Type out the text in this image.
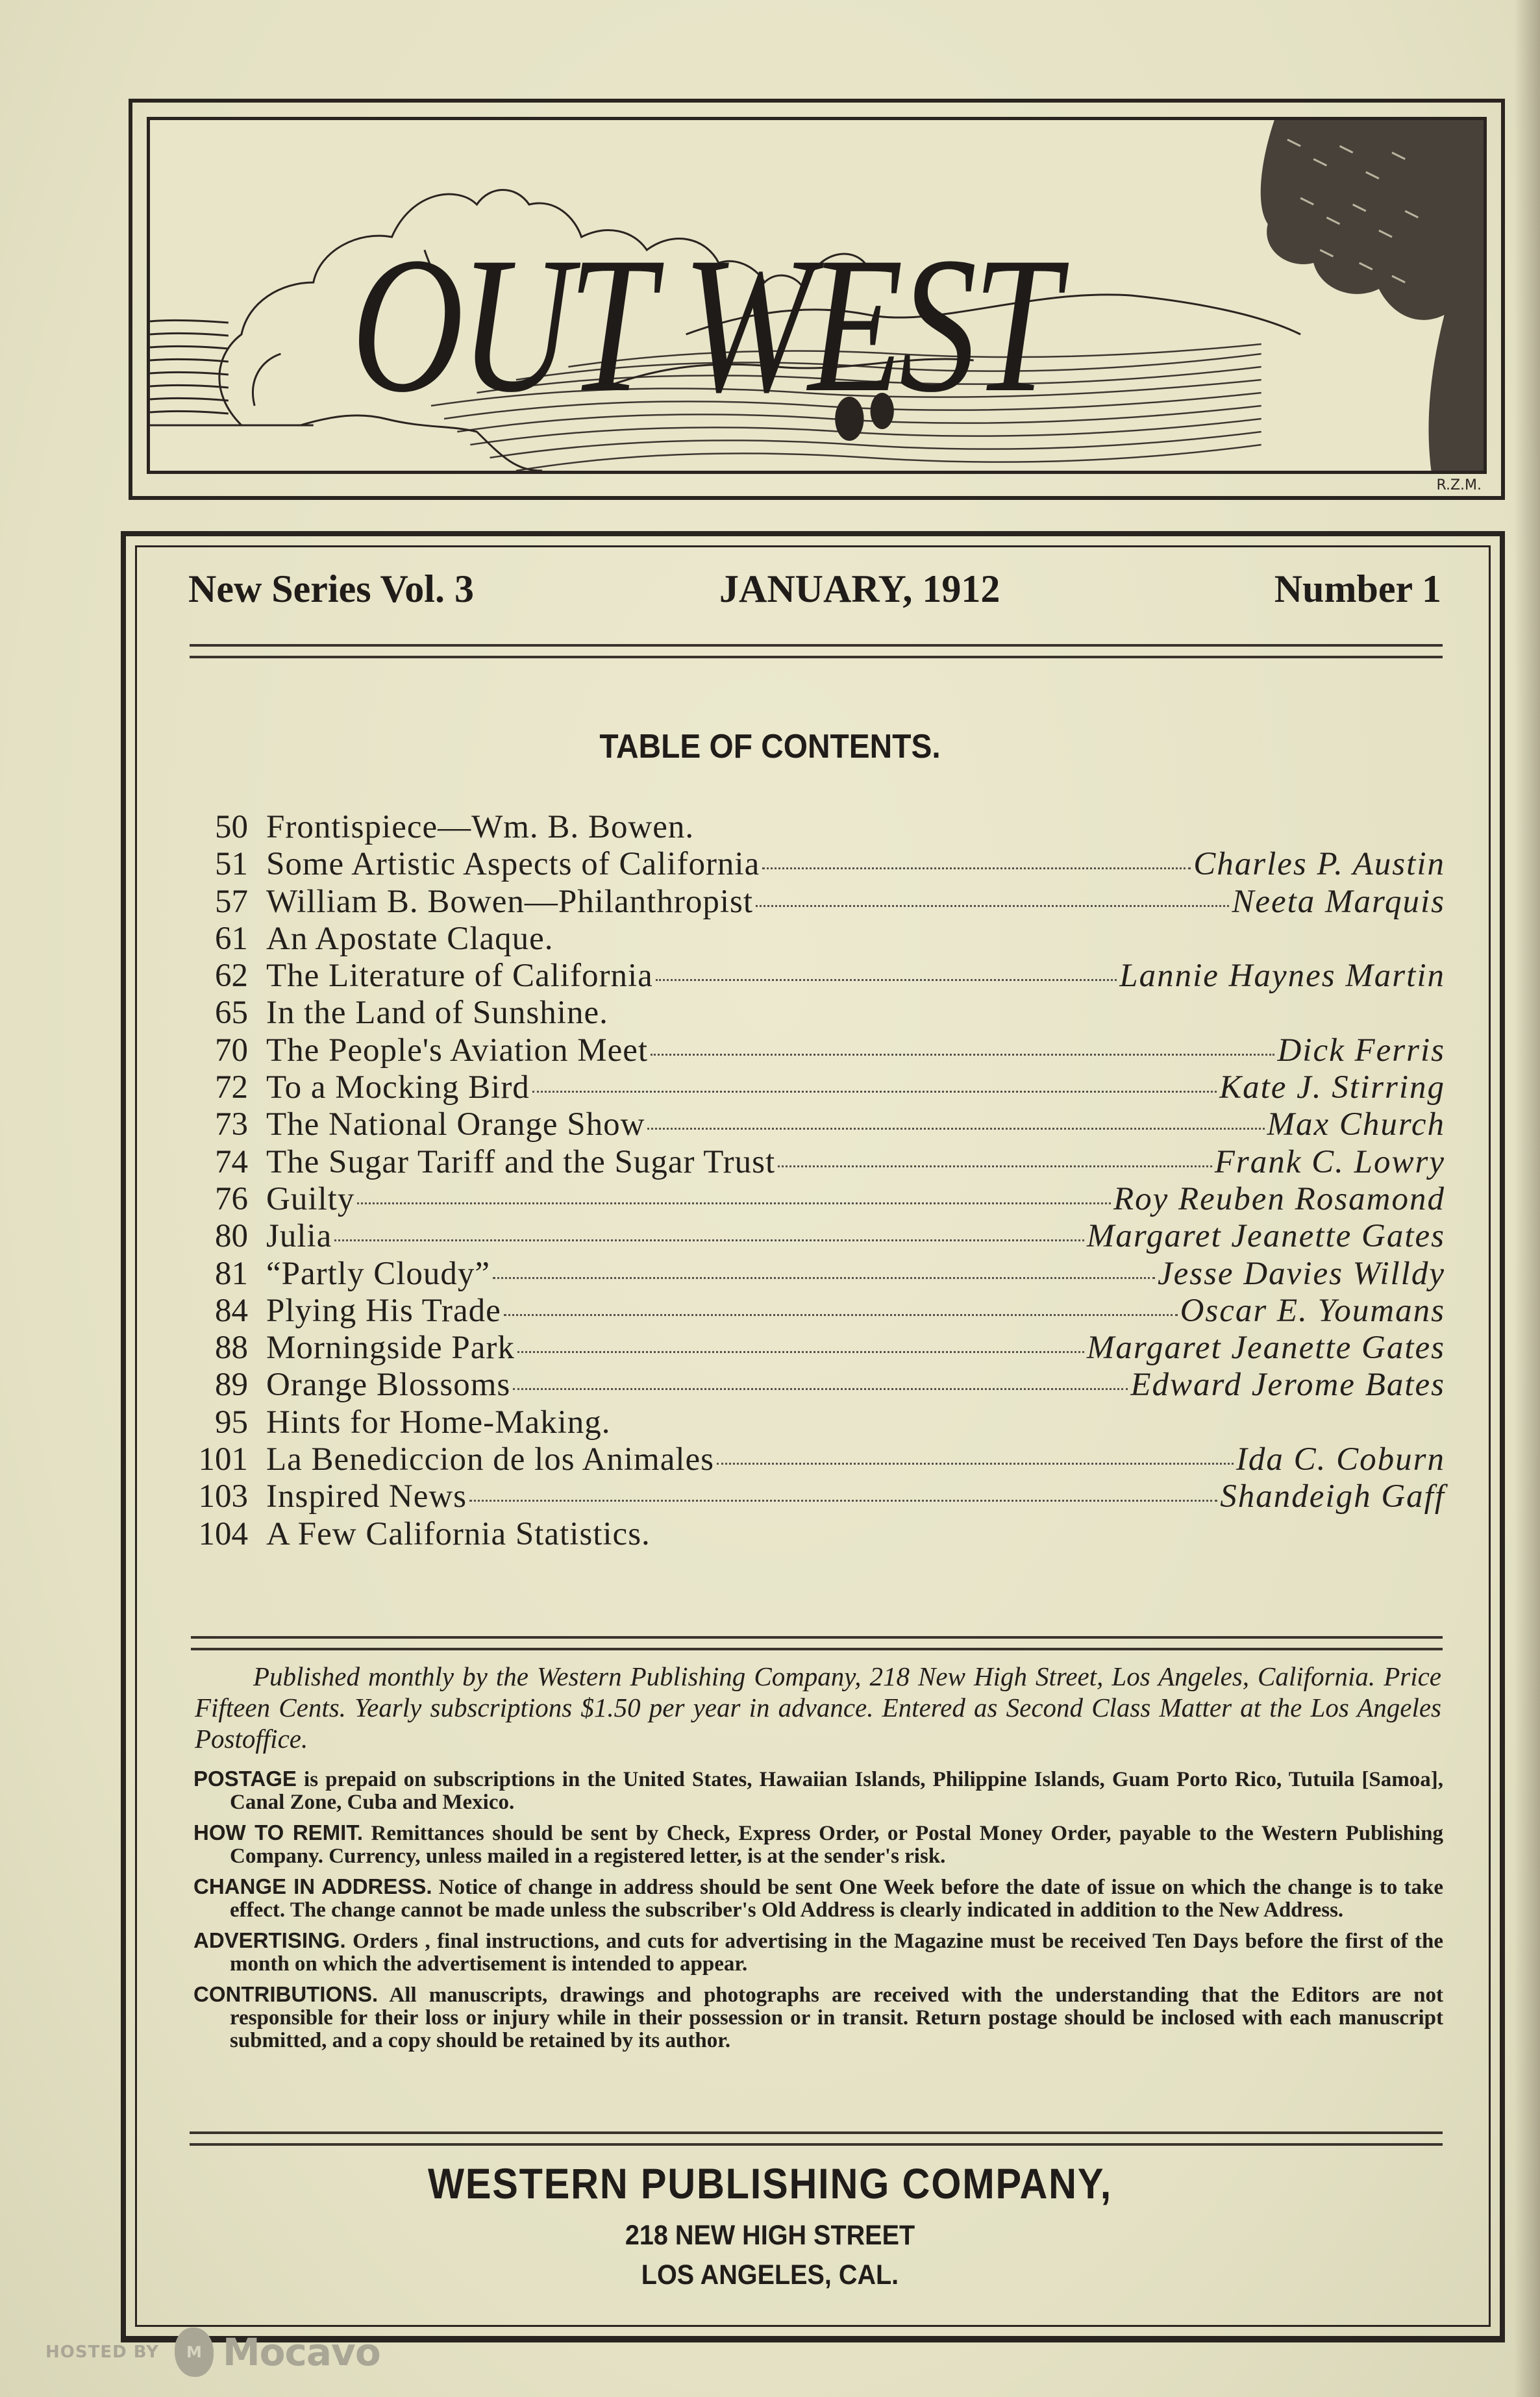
OUT WEST
R.Z.M.
New Series Vol. 3	JANUARY, 1912	Number 1
TABLE OF CONTENTS.
50 Frontispiece—Wm. B. Bowen.
51 Some Artistic Aspects of California	Charles P. Austin
57 William B. Bowen—Philanthropist	Neeta Marquis
61 An Apostate Claque.
62 The Literature of California	Lannie Haynes Martin
65 In the Land of Sunshine.
70 The People's Aviation Meet	Dick Ferris
72 To a Mocking Bird	Kate J. Stirring
73 The National Orange Show	Max Church
74 The Sugar Tariff and the Sugar Trust	Frank C. Lowry
76 Guilty	Roy Reuben Rosamond
80 Julia	Margaret Jeanette Gates
81 “Partly Cloudy”	Jesse Davies Willdy
84 Plying His Trade	Oscar E. Youmans
88 Morningside Park	Margaret Jeanette Gates
89 Orange Blossoms	Edward Jerome Bates
95 Hints for Home-Making.
101 La Benediccion de los Animales	Ida C. Coburn
103 Inspired News	Shandeigh Gaff
104 A Few California Statistics.
Published monthly by the Western Publishing Company, 218 New High Street, Los Angeles, California. Price Fifteen Cents. Yearly subscriptions $1.50 per year in advance. Entered as Second Class Matter at the Los Angeles Postoffice.
POSTAGE is prepaid on subscriptions in the United States, Hawaiian Islands, Philippine Islands, Guam Porto Rico, Tutuila [Samoa], Canal Zone, Cuba and Mexico.
HOW TO REMIT. Remittances should be sent by Check, Express Order, or Postal Money Order, payable to the Western Publishing Company. Currency, unless mailed in a registered letter, is at the sender's risk.
CHANGE IN ADDRESS. Notice of change in address should be sent One Week before the date of issue on which the change is to take effect. The change cannot be made unless the subscriber's Old Address is clearly indicated in addition to the New Address.
ADVERTISING. Orders , final instructions, and cuts for advertising in the Magazine must be received Ten Days before the first of the month on which the advertisement is intended to appear.
CONTRIBUTIONS. All manuscripts, drawings and photographs are received with the understanding that the Editors are not responsible for their loss or injury while in their possession or in transit. Return postage should be inclosed with each manuscript submitted, and a copy should be retained by its author.
WESTERN PUBLISHING COMPANY,
218 NEW HIGH STREET
LOS ANGELES, CAL.
HOSTED BY M Mocavo
